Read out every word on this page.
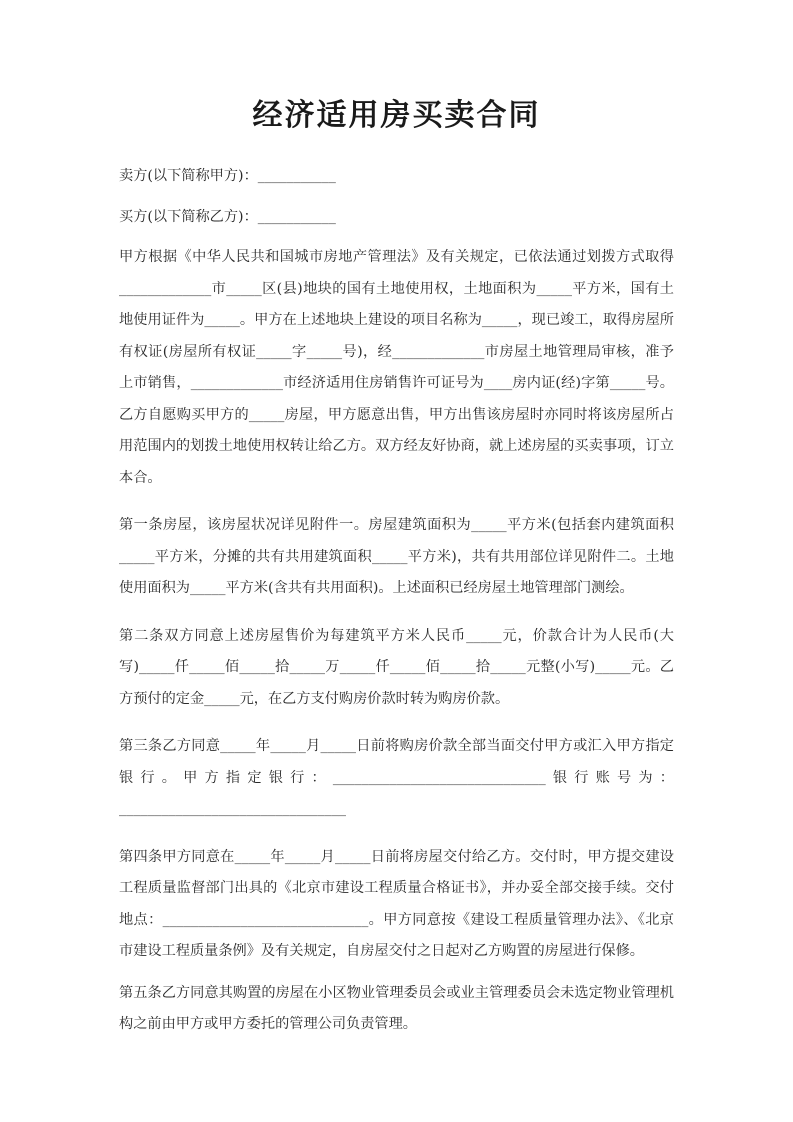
经济适用房买卖合同

卖方(以下简称甲方)：___________

买方(以下简称乙方)：___________

甲方根据《中华人民共和国城市房地产管理法》及有关规定，已依法通过划拨方式取得_____________市_____区(县)地块的国有土地使用权，土地面积为_____平方米，国有土地使用证件为_____。甲方在上述地块上建设的项目名称为_____，现已竣工，取得房屋所有权证(房屋所有权证_____字_____号)，经_____________市房屋土地管理局审核，准予上市销售，_____________市经济适用住房销售许可证号为____房内证(经)字第_____号。乙方自愿购买甲方的_____房屋，甲方愿意出售，甲方出售该房屋时亦同时将该房屋所占用范围内的划拨土地使用权转让给乙方。双方经友好协商，就上述房屋的买卖事项，订立本合。

第一条房屋，该房屋状况详见附件一。房屋建筑面积为_____平方米(包括套内建筑面积_____平方米，分摊的共有共用建筑面积_____平方米)，共有共用部位详见附件二。土地使用面积为_____平方米(含共有共用面积)。上述面积已经房屋土地管理部门测绘。

第二条双方同意上述房屋售价为每建筑平方米人民币_____元，价款合计为人民币(大写)_____仟_____佰_____拾_____万_____仟_____佰_____拾_____元整(小写)_____元。乙方预付的定金_____元，在乙方支付购房价款时转为购房价款。

第三条乙方同意_____年_____月_____日前将购房价款全部当面交付甲方或汇入甲方指定银行。甲方指定银行：______________________________银行账号为：________________________________

第四条甲方同意在_____年_____月_____日前将房屋交付给乙方。交付时，甲方提交建设工程质量监督部门出具的《北京市建设工程质量合格证书》，并办妥全部交接手续。交付地点：_____________________________。甲方同意按《建设工程质量管理办法》、《北京市建设工程质量条例》及有关规定，自房屋交付之日起对乙方购置的房屋进行保修。

第五条乙方同意其购置的房屋在小区物业管理委员会或业主管理委员会未选定物业管理机构之前由甲方或甲方委托的管理公司负责管理。
